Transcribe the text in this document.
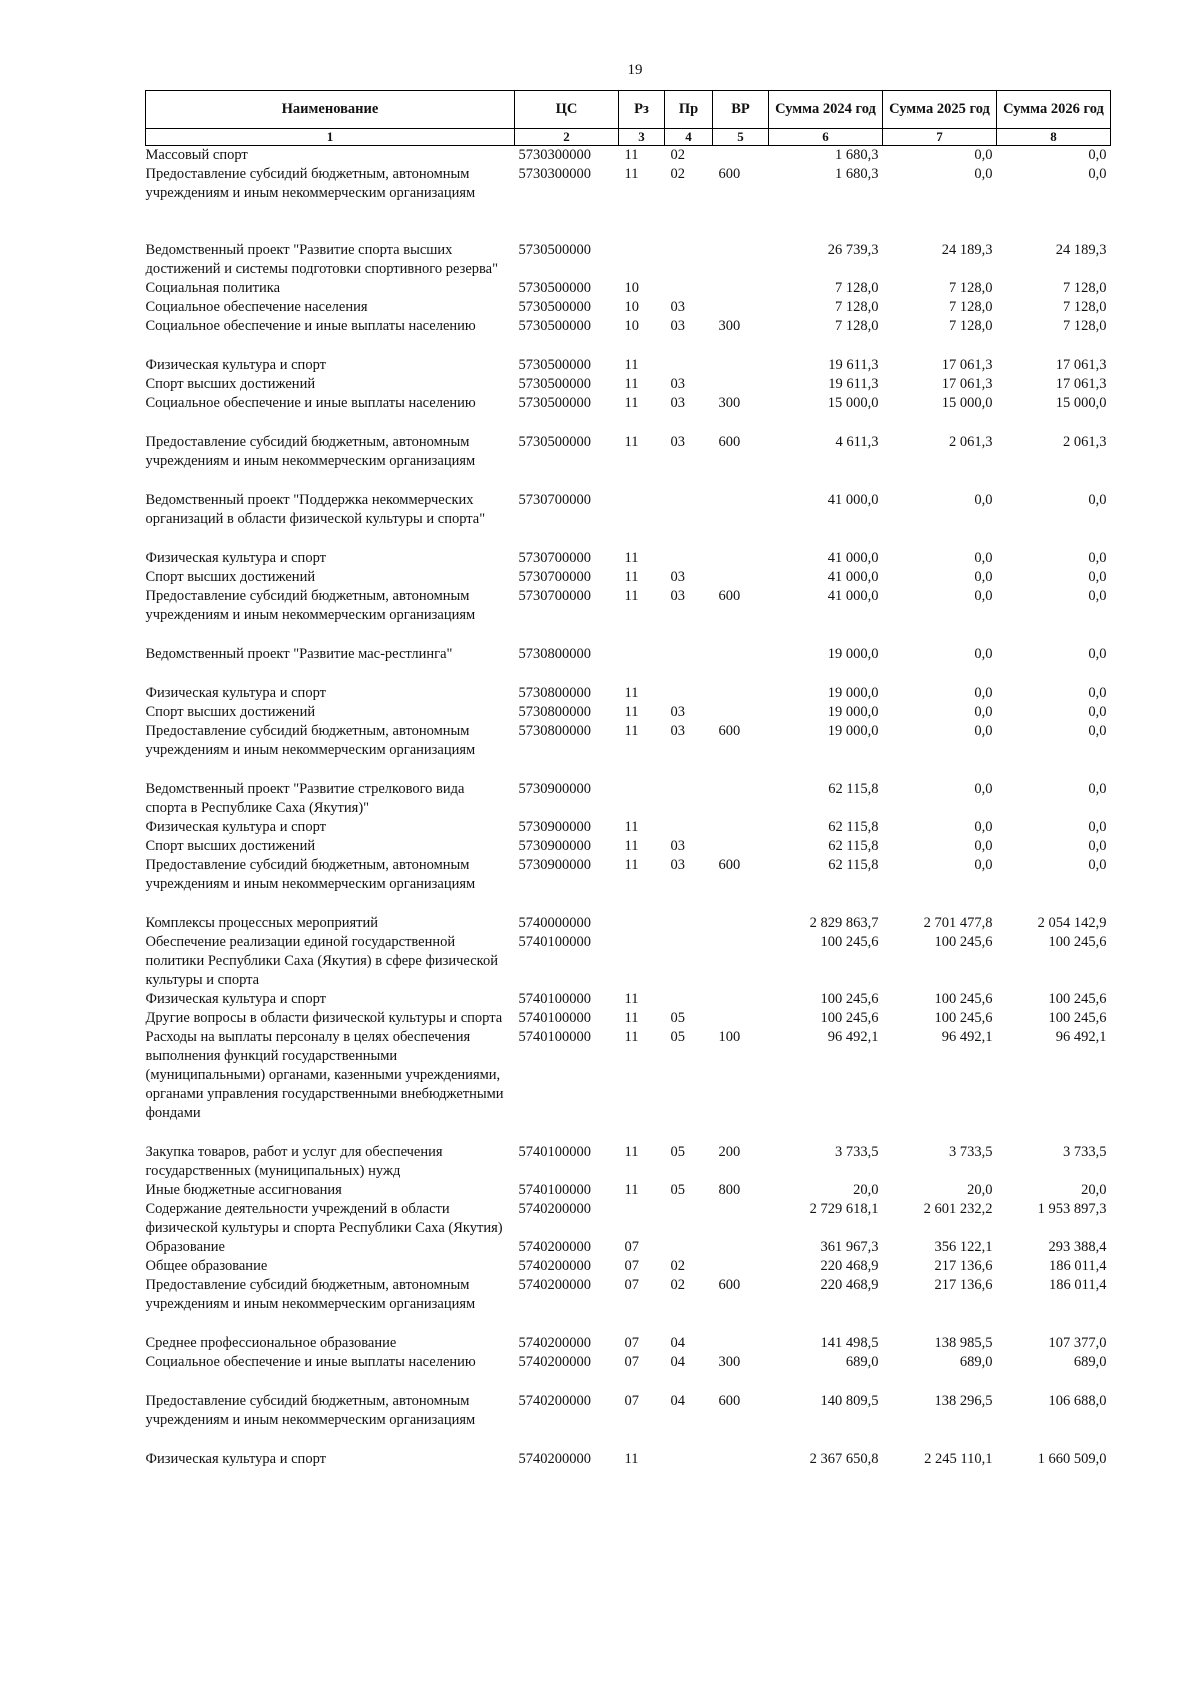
19
Наименование	ЦС	Рз	Пр	ВР	Сумма 2024 год	Сумма 2025 год	Сумма 2026 год
1	2	3	4	5	6	7	8
Массовый спорт	5730300000	11	02		1 680,3	0,0	0,0
Предоставление субсидий бюджетным, автономным учреждениям и иным некоммерческим организациям	5730300000	11	02	600	1 680,3	0,0	0,0

Ведомственный проект "Развитие спорта высших достижений и системы подготовки спортивного резерва"	5730500000				26 739,3	24 189,3	24 189,3
Социальная политика	5730500000	10			7 128,0	7 128,0	7 128,0
Социальное обеспечение населения	5730500000	10	03		7 128,0	7 128,0	7 128,0
Социальное обеспечение и иные выплаты населению	5730500000	10	03	300	7 128,0	7 128,0	7 128,0

Физическая культура и спорт	5730500000	11			19 611,3	17 061,3	17 061,3
Спорт высших достижений	5730500000	11	03		19 611,3	17 061,3	17 061,3
Социальное обеспечение и иные выплаты населению	5730500000	11	03	300	15 000,0	15 000,0	15 000,0

Предоставление субсидий бюджетным, автономным учреждениям и иным некоммерческим организациям	5730500000	11	03	600	4 611,3	2 061,3	2 061,3

Ведомственный проект "Поддержка некоммерческих организаций в области физической культуры и спорта"	5730700000				41 000,0	0,0	0,0

Физическая культура и спорт	5730700000	11			41 000,0	0,0	0,0
Спорт высших достижений	5730700000	11	03		41 000,0	0,0	0,0
Предоставление субсидий бюджетным, автономным учреждениям и иным некоммерческим организациям	5730700000	11	03	600	41 000,0	0,0	0,0

Ведомственный проект "Развитие мас-рестлинга"	5730800000				19 000,0	0,0	0,0

Физическая культура и спорт	5730800000	11			19 000,0	0,0	0,0
Спорт высших достижений	5730800000	11	03		19 000,0	0,0	0,0
Предоставление субсидий бюджетным, автономным учреждениям и иным некоммерческим организациям	5730800000	11	03	600	19 000,0	0,0	0,0

Ведомственный проект "Развитие стрелкового вида спорта в Республике Саха (Якутия)"	5730900000				62 115,8	0,0	0,0
Физическая культура и спорт	5730900000	11			62 115,8	0,0	0,0
Спорт высших достижений	5730900000	11	03		62 115,8	0,0	0,0
Предоставление субсидий бюджетным, автономным учреждениям и иным некоммерческим организациям	5730900000	11	03	600	62 115,8	0,0	0,0

Комплексы процессных мероприятий	5740000000				2 829 863,7	2 701 477,8	2 054 142,9
Обеспечение реализации единой государственной политики Республики Саха (Якутия) в сфере физической культуры и спорта	5740100000				100 245,6	100 245,6	100 245,6
Физическая культура и спорт	5740100000	11			100 245,6	100 245,6	100 245,6
Другие вопросы в области физической культуры и спорта	5740100000	11	05		100 245,6	100 245,6	100 245,6
Расходы на выплаты персоналу в целях обеспечения выполнения функций государственными (муниципальными) органами, казенными учреждениями, органами управления государственными внебюджетными фондами	5740100000	11	05	100	96 492,1	96 492,1	96 492,1

Закупка товаров, работ и услуг для обеспечения государственных (муниципальных) нужд	5740100000	11	05	200	3 733,5	3 733,5	3 733,5
Иные бюджетные ассигнования	5740100000	11	05	800	20,0	20,0	20,0
Содержание деятельности учреждений в области физической культуры и спорта Республики Саха (Якутия)	5740200000				2 729 618,1	2 601 232,2	1 953 897,3
Образование	5740200000	07			361 967,3	356 122,1	293 388,4
Общее образование	5740200000	07	02		220 468,9	217 136,6	186 011,4
Предоставление субсидий бюджетным, автономным учреждениям и иным некоммерческим организациям	5740200000	07	02	600	220 468,9	217 136,6	186 011,4

Среднее профессиональное образование	5740200000	07	04		141 498,5	138 985,5	107 377,0
Социальное обеспечение и иные выплаты населению	5740200000	07	04	300	689,0	689,0	689,0

Предоставление субсидий бюджетным, автономным учреждениям и иным некоммерческим организациям	5740200000	07	04	600	140 809,5	138 296,5	106 688,0

Физическая культура и спорт	5740200000	11			2 367 650,8	2 245 110,1	1 660 509,0
